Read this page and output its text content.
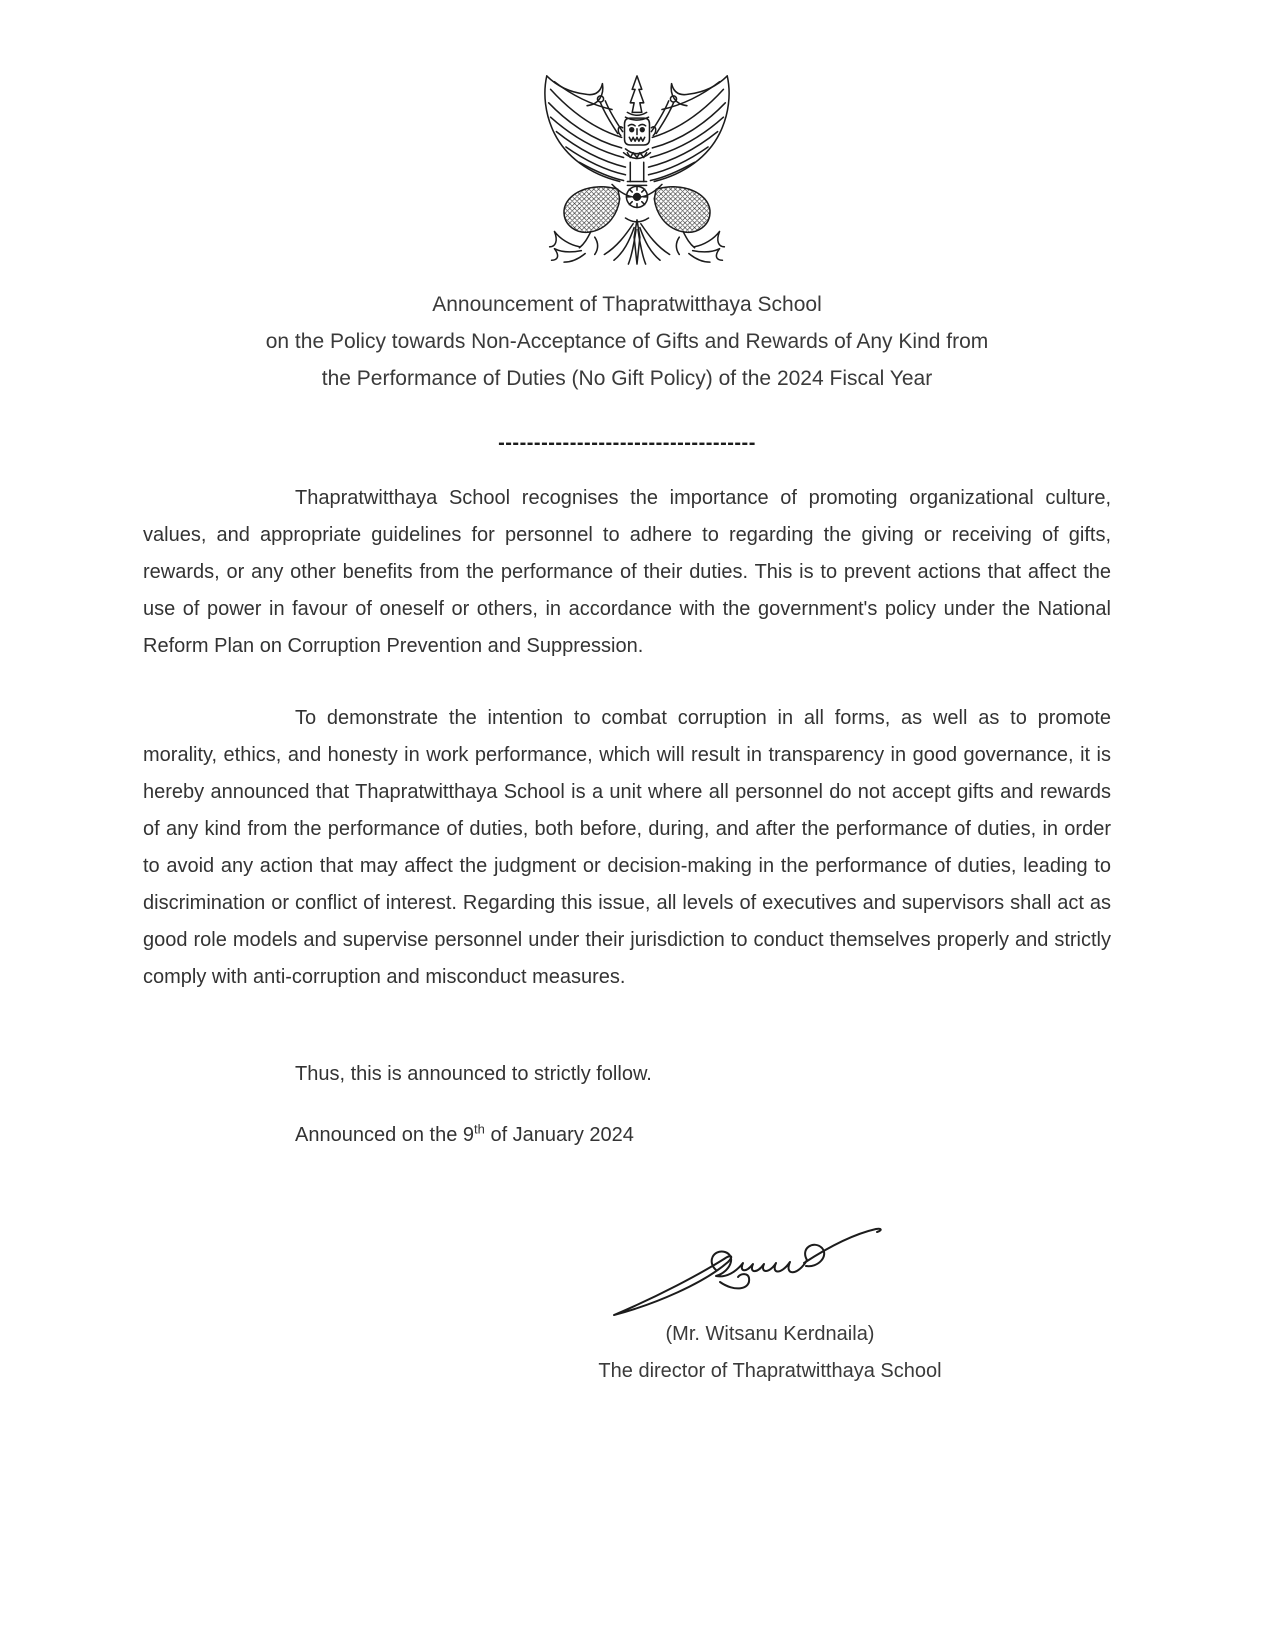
Announcement of Thapratwitthaya School
on the Policy towards Non-Acceptance of Gifts and Rewards of Any Kind from
the Performance of Duties (No Gift Policy) of the 2024 Fiscal Year
------------------------------------

Thapratwitthaya School recognises the importance of promoting organizational culture, values, and appropriate guidelines for personnel to adhere to regarding the giving or receiving of gifts, rewards, or any other benefits from the performance of their duties. This is to prevent actions that affect the use of power in favour of oneself or others, in accordance with the government's policy under the National Reform Plan on Corruption Prevention and Suppression.

To demonstrate the intention to combat corruption in all forms, as well as to promote morality, ethics, and honesty in work performance, which will result in transparency in good governance, it is hereby announced that Thapratwitthaya School is a unit where all personnel do not accept gifts and rewards of any kind from the performance of duties, both before, during, and after the performance of duties, in order to avoid any action that may affect the judgment or decision-making in the performance of duties, leading to discrimination or conflict of interest. Regarding this issue, all levels of executives and supervisors shall act as good role models and supervise personnel under their jurisdiction to conduct themselves properly and strictly comply with anti-corruption and misconduct measures.

Thus, this is announced to strictly follow.

Announced on the 9th of January 2024

(Mr. Witsanu Kerdnaila)
The director of Thapratwitthaya School
